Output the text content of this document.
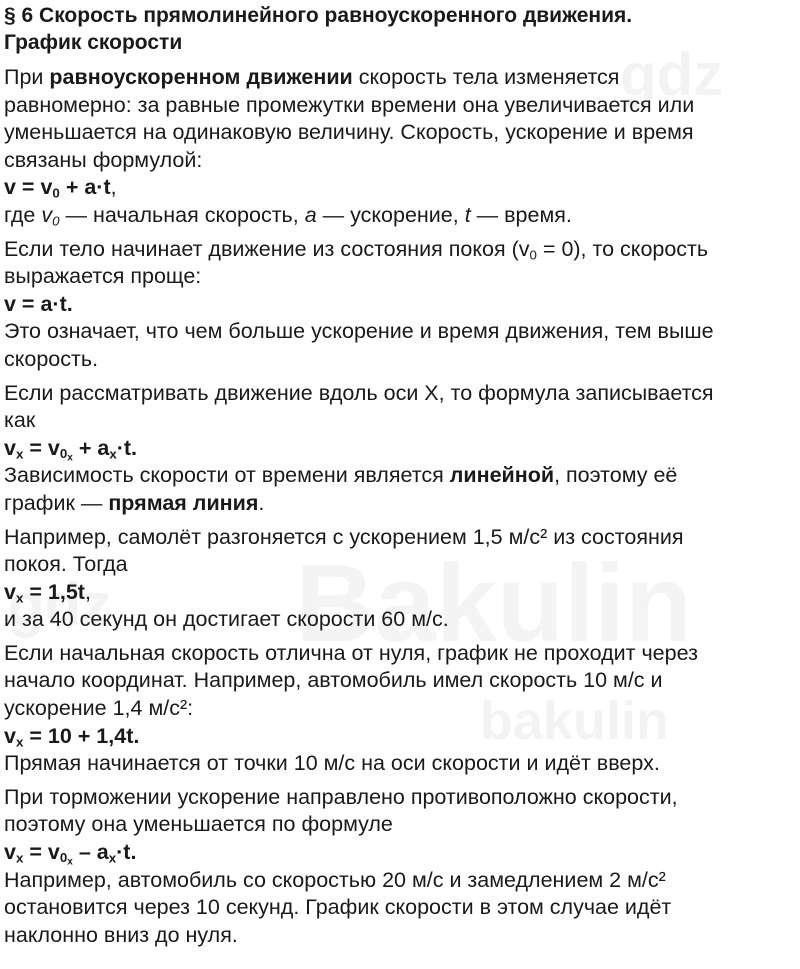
§ 6 Скорость прямолинейного равноускоренного движения.
График скорости
При равноускоренном движении скорость тела изменяется
равномерно: за равные промежутки времени она увеличивается или
уменьшается на одинаковую величину. Скорость, ускорение и время
связаны формулой:
$v = v_0 + a\cdot t$,
где $v_0$ — начальная скорость, a — ускорение, t — время.
Если тело начинает движение из состояния покоя $(v_0 = 0)$, то скорость
выражается проще:
v = a·t.
Это означает, что чем больше ускорение и время движения, тем выше
скорость.
Если рассматривать движение вдоль оси X, то формула записывается
как
$v_x = v_{0_x} + a_x\cdot t$.
Зависимость скорости от времени является линейной, поэтому её
график — прямая линия.
Например, самолёт разгоняется с ускорением 1,5 м/с² из состояния
покоя. Тогда
$v_x = 1,5t$,
и за 40 секунд он достигает скорости 60 м/с.
Если начальная скорость отлична от нуля, график не проходит через
начало координат. Например, автомобиль имел скорость 10 м/с и
ускорение 1,4 м/с²:
$v_x = 10 + 1,4t$.
Прямая начинается от точки 10 м/с на оси скорости и идёт вверх.
При торможении ускорение направлено противоположно скорости,
поэтому она уменьшается по формуле
$v_x = v_{0_x} - a_x\cdot t$.
Например, автомобиль со скоростью 20 м/с и замедлением 2 м/с²
остановится через 10 секунд. График скорости в этом случае идёт
наклонно вниз до нуля.
